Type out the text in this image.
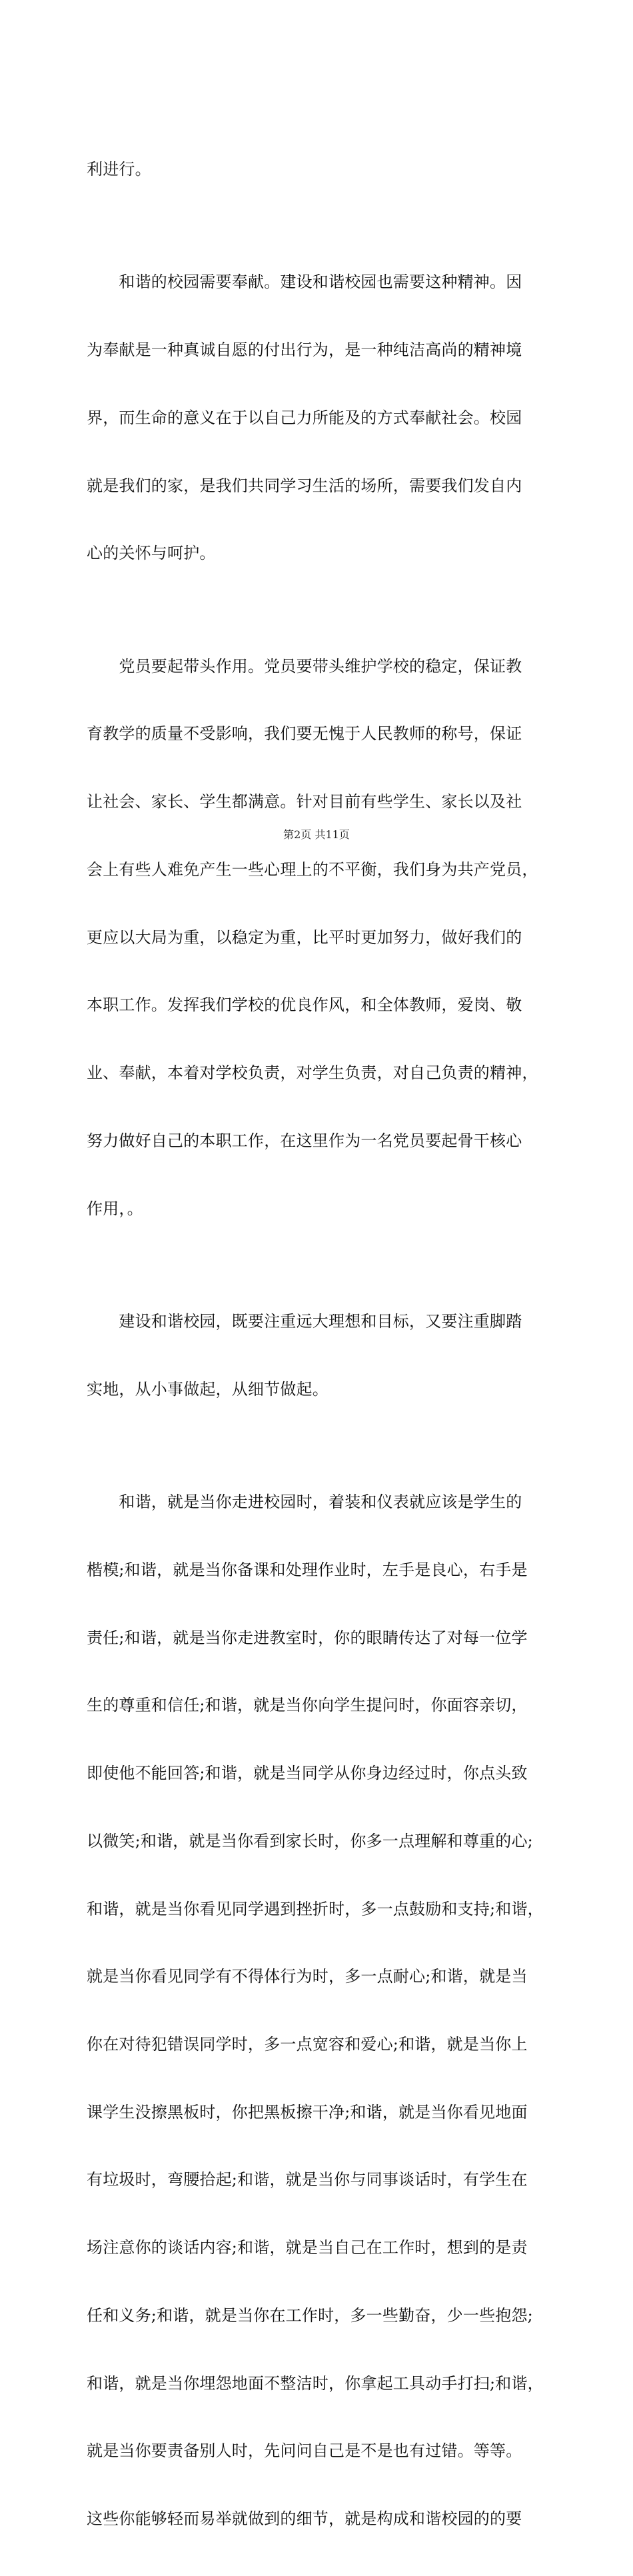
利进行。

　　和谐的校园需要奉献。建设和谐校园也需要这种精神。因

为奉献是一种真诚自愿的付出行为，是一种纯洁高尚的精神境

界，而生命的意义在于以自己力所能及的方式奉献社会。校园

就是我们的家，是我们共同学习生活的场所，需要我们发自内

心的关怀与呵护。

　　党员要起带头作用。党员要带头维护学校的稳定，保证教

育教学的质量不受影响，我们要无愧于人民教师的称号，保证

让社会、家长、学生都满意。针对目前有些学生、家长以及社

会上有些人难免产生一些心理上的不平衡，我们身为共产党员，

更应以大局为重，以稳定为重，比平时更加努力，做好我们的

本职工作。发挥我们学校的优良作风，和全体教师，爱岗、敬

业、奉献，本着对学校负责，对学生负责，对自己负责的精神，

努力做好自己的本职工作，在这里作为一名党员要起骨干核心

作用，。

　　建设和谐校园，既要注重远大理想和目标，又要注重脚踏

实地，从小事做起，从细节做起。

　　和谐，就是当你走进校园时，着装和仪表就应该是学生的

楷模;和谐，就是当你备课和处理作业时，左手是良心，右手是

责任;和谐，就是当你走进教室时，你的眼睛传达了对每一位学

生的尊重和信任;和谐，就是当你向学生提问时，你面容亲切，

即使他不能回答;和谐，就是当同学从你身边经过时，你点头致

以微笑;和谐，就是当你看到家长时，你多一点理解和尊重的心;

和谐，就是当你看见同学遇到挫折时，多一点鼓励和支持;和谐，

就是当你看见同学有不得体行为时，多一点耐心;和谐，就是当

你在对待犯错误同学时，多一点宽容和爱心;和谐，就是当你上

课学生没擦黑板时，你把黑板擦干净;和谐，就是当你看见地面

有垃圾时，弯腰拾起;和谐，就是当你与同事谈话时，有学生在

场注意你的谈话内容;和谐，就是当自己在工作时，想到的是责

任和义务;和谐，就是当你在工作时，多一些勤奋，少一些抱怨;

和谐，就是当你埋怨地面不整洁时，你拿起工具动手打扫;和谐，

就是当你要责备别人时，先问问自己是不是也有过错。等等。

这些你能够轻而易举就做到的细节，就是构成和谐校园的的要

第2页 共11页
